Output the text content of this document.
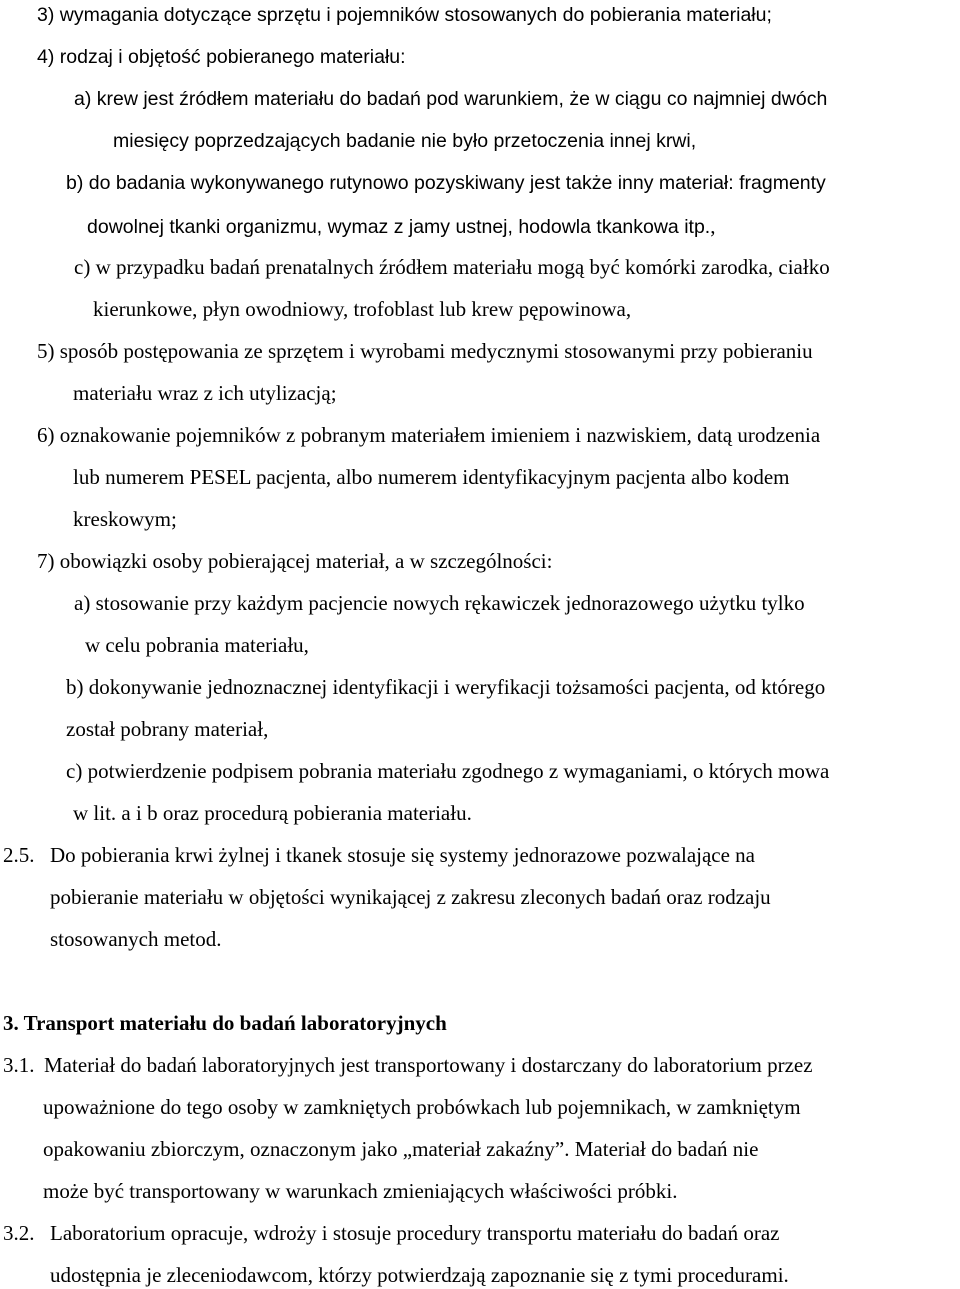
3) wymagania dotyczące sprzętu i pojemników stosowanych do pobierania materiału;
4) rodzaj i objętość pobieranego materiału:
a) krew jest źródłem materiału do badań pod warunkiem, że w ciągu co najmniej dwóch
miesięcy poprzedzających badanie nie było przetoczenia innej krwi,
b) do badania wykonywanego rutynowo pozyskiwany jest także inny materiał: fragmenty
dowolnej tkanki organizmu, wymaz z jamy ustnej, hodowla tkankowa itp.,
c) w przypadku badań prenatalnych źródłem materiału mogą być komórki zarodka, ciałko
kierunkowe, płyn owodniowy, trofoblast lub krew pępowinowa,
5) sposób postępowania ze sprzętem i wyrobami medycznymi stosowanymi przy pobieraniu
materiału wraz z ich utylizacją;
6) oznakowanie pojemników z pobranym materiałem imieniem i nazwiskiem, datą urodzenia
lub numerem PESEL pacjenta, albo numerem identyfikacyjnym pacjenta albo kodem
kreskowym;
7) obowiązki osoby pobierającej materiał, a w szczególności:
a) stosowanie przy każdym pacjencie nowych rękawiczek jednorazowego użytku tylko
w celu pobrania materiału,
b) dokonywanie jednoznacznej identyfikacji i weryfikacji tożsamości pacjenta, od którego
został pobrany materiał,
c) potwierdzenie podpisem pobrania materiału zgodnego z wymaganiami, o których mowa
w lit. a i b oraz procedurą pobierania materiału.
2.5. Do pobierania krwi żylnej i tkanek stosuje się systemy jednorazowe pozwalające na
pobieranie materiału w objętości wynikającej z zakresu zleconych badań oraz rodzaju
stosowanych metod.
3. Transport materiału do badań laboratoryjnych
3.1. Materiał do badań laboratoryjnych jest transportowany i dostarczany do laboratorium przez
upoważnione do tego osoby w zamkniętych probówkach lub pojemnikach, w zamkniętym
opakowaniu zbiorczym, oznaczonym jako „materiał zakaźny”. Materiał do badań nie
może być transportowany w warunkach zmieniających właściwości próbki.
3.2. Laboratorium opracuje, wdroży i stosuje procedury transportu materiału do badań oraz
udostępnia je zleceniodawcom, którzy potwierdzają zapoznanie się z tymi procedurami.
